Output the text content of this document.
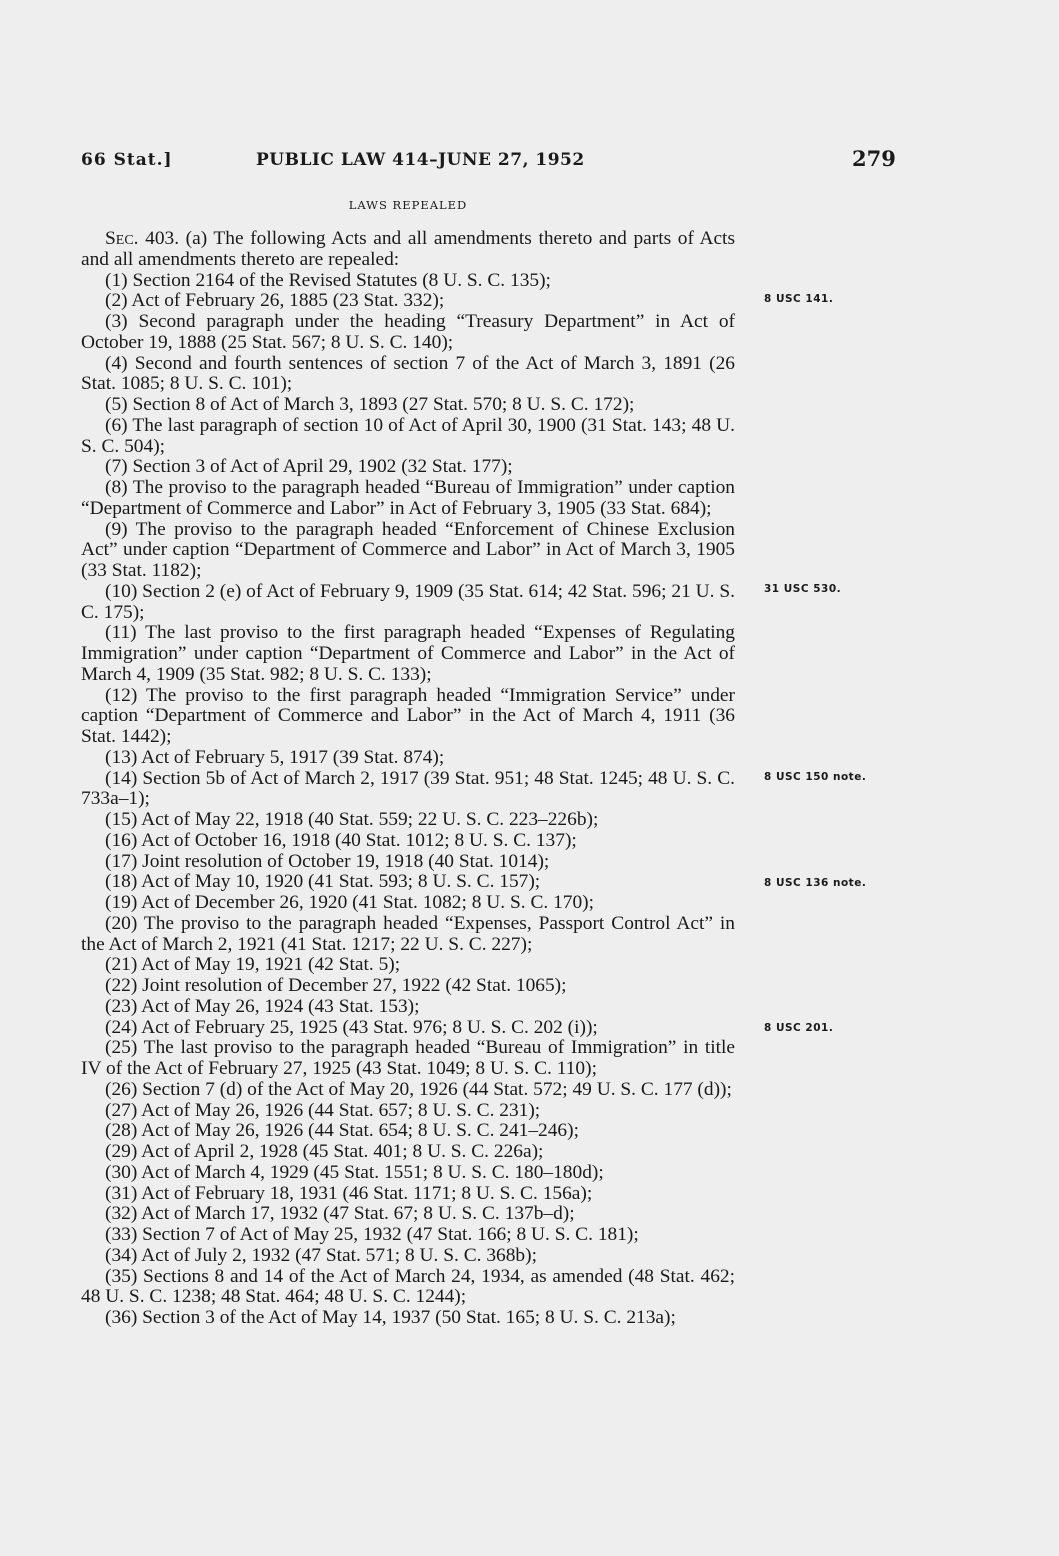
66 Stat.]	PUBLIC LAW 414–JUNE 27, 1952	279
LAWS REPEALED

Sec. 403. (a) The following Acts and all amendments thereto and parts of Acts and all amendments thereto are repealed:

(1) Section 2164 of the Revised Statutes (8 U. S. C. 135);

(2) Act of February 26, 1885 (23 Stat. 332);

(3) Second paragraph under the heading “Treasury Department” in Act of October 19, 1888 (25 Stat. 567; 8 U. S. C. 140);

(4) Second and fourth sentences of section 7 of the Act of March 3, 1891 (26 Stat. 1085; 8 U. S. C. 101);

(5) Section 8 of Act of March 3, 1893 (27 Stat. 570; 8 U. S. C. 172);

(6) The last paragraph of section 10 of Act of April 30, 1900 (31 Stat. 143; 48 U. S. C. 504);

(7) Section 3 of Act of April 29, 1902 (32 Stat. 177);

(8) The proviso to the paragraph headed “Bureau of Immigration” under caption “Department of Commerce and Labor” in Act of February 3, 1905 (33 Stat. 684);

(9) The proviso to the paragraph headed “Enforcement of Chinese Exclusion Act” under caption “Department of Commerce and Labor” in Act of March 3, 1905 (33 Stat. 1182);

(10) Section 2 (e) of Act of February 9, 1909 (35 Stat. 614; 42 Stat. 596; 21 U. S. C. 175);

(11) The last proviso to the first paragraph headed “Expenses of Regulating Immigration” under caption “Department of Commerce and Labor” in the Act of March 4, 1909 (35 Stat. 982; 8 U. S. C. 133);

(12) The proviso to the first paragraph headed “Immigration Service” under caption “Department of Commerce and Labor” in the Act of March 4, 1911 (36 Stat. 1442);

(13) Act of February 5, 1917 (39 Stat. 874);

(14) Section 5b of Act of March 2, 1917 (39 Stat. 951; 48 Stat. 1245; 48 U. S. C. 733a–1);

(15) Act of May 22, 1918 (40 Stat. 559; 22 U. S. C. 223–226b);

(16) Act of October 16, 1918 (40 Stat. 1012; 8 U. S. C. 137);

(17) Joint resolution of October 19, 1918 (40 Stat. 1014);

(18) Act of May 10, 1920 (41 Stat. 593; 8 U. S. C. 157);

(19) Act of December 26, 1920 (41 Stat. 1082; 8 U. S. C. 170);

(20) The proviso to the paragraph headed “Expenses, Passport Control Act” in the Act of March 2, 1921 (41 Stat. 1217; 22 U. S. C. 227);

(21) Act of May 19, 1921 (42 Stat. 5);

(22) Joint resolution of December 27, 1922 (42 Stat. 1065);

(23) Act of May 26, 1924 (43 Stat. 153);

(24) Act of February 25, 1925 (43 Stat. 976; 8 U. S. C. 202 (i));

(25) The last proviso to the paragraph headed “Bureau of Immigration” in title IV of the Act of February 27, 1925 (43 Stat. 1049; 8 U. S. C. 110);

(26) Section 7 (d) of the Act of May 20, 1926 (44 Stat. 572; 49 U. S. C. 177 (d));

(27) Act of May 26, 1926 (44 Stat. 657; 8 U. S. C. 231);

(28) Act of May 26, 1926 (44 Stat. 654; 8 U. S. C. 241–246);

(29) Act of April 2, 1928 (45 Stat. 401; 8 U. S. C. 226a);

(30) Act of March 4, 1929 (45 Stat. 1551; 8 U. S. C. 180–180d);

(31) Act of February 18, 1931 (46 Stat. 1171; 8 U. S. C. 156a);

(32) Act of March 17, 1932 (47 Stat. 67; 8 U. S. C. 137b–d);

(33) Section 7 of Act of May 25, 1932 (47 Stat. 166; 8 U. S. C. 181);

(34) Act of July 2, 1932 (47 Stat. 571; 8 U. S. C. 368b);

(35) Sections 8 and 14 of the Act of March 24, 1934, as amended (48 Stat. 462; 48 U. S. C. 1238; 48 Stat. 464; 48 U. S. C. 1244);

(36) Section 3 of the Act of May 14, 1937 (50 Stat. 165; 8 U. S. C. 213a);

8 USC 141.
31 USC 530.
8 USC 150 note.
8 USC 136 note.
8 USC 201.
